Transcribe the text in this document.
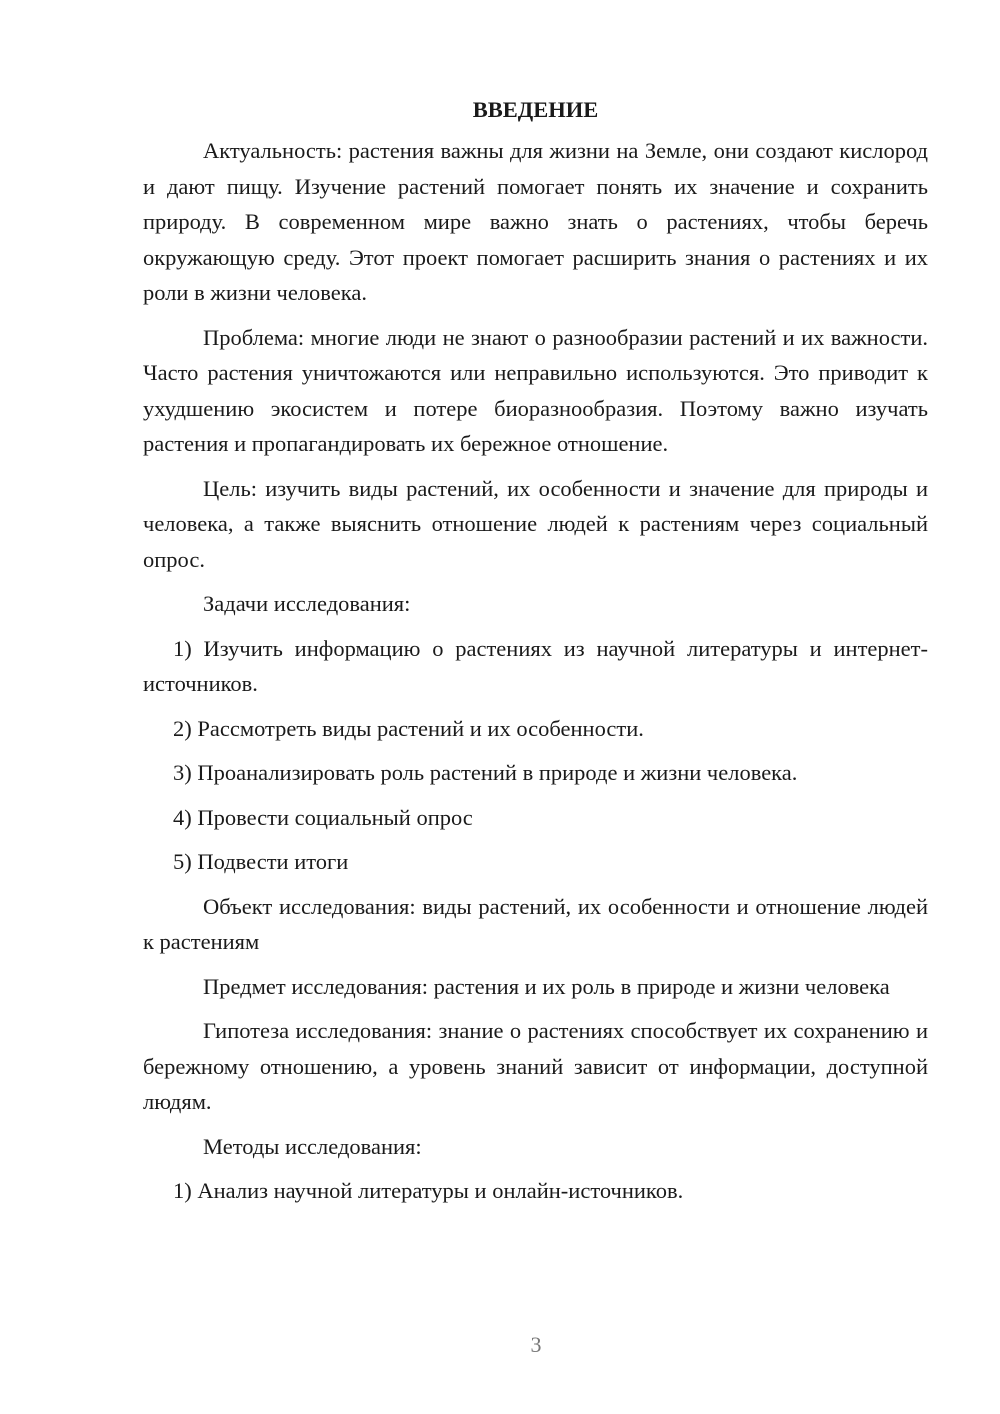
ВВЕДЕНИЕ

Актуальность: растения важны для жизни на Земле, они создают кислород и дают пищу. Изучение растений помогает понять их значение и сохранить природу. В современном мире важно знать о растениях, чтобы беречь окружающую среду. Этот проект помогает расширить знания о растениях и их роли в жизни человека.

Проблема: многие люди не знают о разнообразии растений и их важности. Часто растения уничтожаются или неправильно используются. Это приводит к ухудшению экосистем и потере биоразнообразия. Поэтому важно изучать растения и пропагандировать их бережное отношение.

Цель: изучить виды растений, их особенности и значение для природы и человека, а также выяснить отношение людей к растениям через социальный опрос.

Задачи исследования:

1) Изучить информацию о растениях из научной литературы и интернет-источников.

2) Рассмотреть виды растений и их особенности.

3) Проанализировать роль растений в природе и жизни человека.

4) Провести социальный опрос

5) Подвести итоги

Объект исследования: виды растений, их особенности и отношение людей к растениям

Предмет исследования: растения и их роль в природе и жизни человека

Гипотеза исследования: знание о растениях способствует их сохранению и бережному отношению, а уровень знаний зависит от информации, доступной людям.

Методы исследования:

1) Анализ научной литературы и онлайн-источников.

3
